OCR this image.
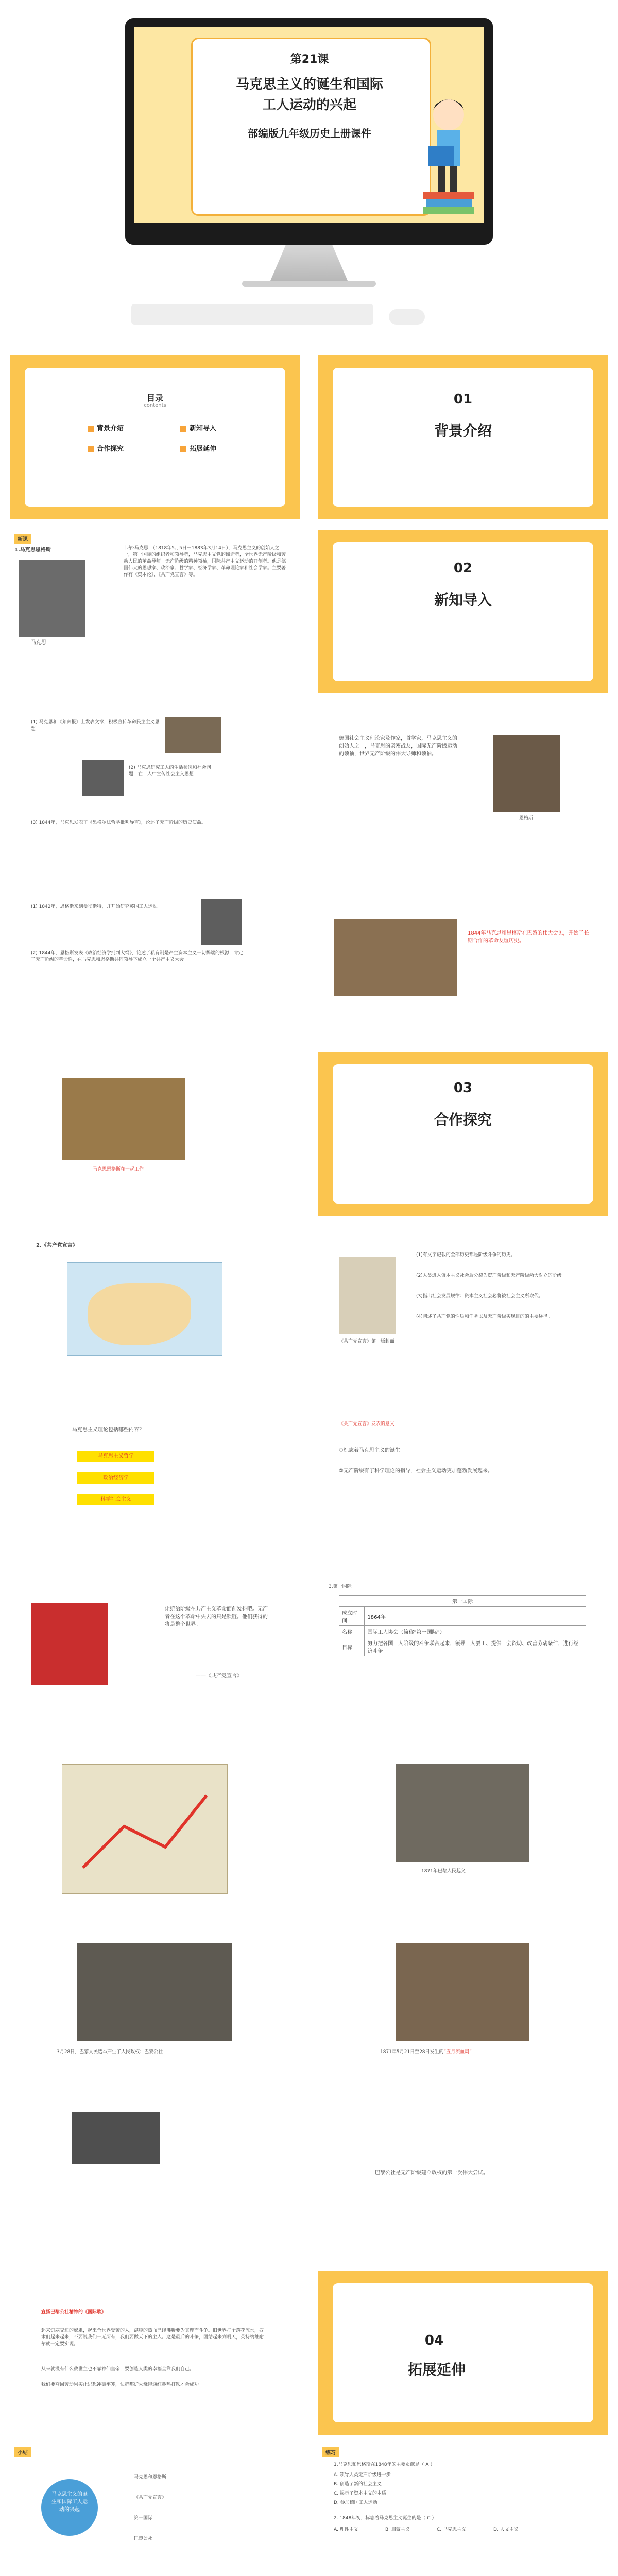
第21课
马克思主义的诞生和国际
工人运动的兴起
部编版九年级历史上册课件
目录
contents
背景介绍	新知导入
合作探究	拓展延伸
01
背景介绍
新课
1.马克思恩格斯
马克思
卡尔·马克思，（1818年5月5日－1883年3月14日），马克思主义的创始人之一，第一国际的组织者和领导者，马克思主义党的缔造者，全世界无产阶级和劳动人民的革命导师。无产阶级的精神领袖，国际共产主义运动的开创者。他是德国伟大的思想家、政治家、哲学家、经济学家、革命理论家和社会学家。主要著作有《资本论》、《共产党宣言》等。	02
新知导入
(1) 马克思和《莱茵报》上发表文章，积极宣传革命民主主义思想
(2) 马克思研究工人的生活状况和社会问题，在工人中宣传社会主义思想
(3) 1844年，马克思发表了《黑格尔法哲学批判导言》，论述了无产阶级的历史使命。
德国社会主义理论家及作家，哲学家，马克思主义的创始人之一，马克思的亲密战友，国际无产阶级运动的领袖，世界无产阶级的伟大导师和领袖。
恩格斯
(1) 1842年，恩格斯来到曼彻斯特，并开始研究英国工人运动。
(2) 1844年，恩格斯发表《政治经济学批判大纲》，论述了私有制是产生资本主义一切弊端的根源，肯定了无产阶级的革命性，在马克思和恩格斯共同领导下成立一个共产主义大会。
1844年马克思和恩格斯在巴黎的伟大会见，开始了长期合作的革命友谊历史。
马克思恩格斯在一起工作
03
合作探究
2.《共产党宣言》
《共产党宣言》第一版封面
(1)有文字记载的全部历史都是阶级斗争的历史。
(2)人类进入资本主义社会后分裂为资产阶级和无产阶级两大对立的阶级。
(3)指出社会发展规律：资本主义社会必将被社会主义所取代。
(4)阐述了共产党的性质和任务以及无产阶级实现目的的主要途径。
马克思主义理论包括哪些内容？
马克思主义哲学
政治经济学
科学社会主义
《共产党宣言》发表的意义
①标志着马克思主义的诞生
②无产阶级有了科学理论的指导，社会主义运动更加蓬勃发展起来。
让统治阶级在共产主义革命面前发抖吧。无产者在这个革命中失去的只是锁链。他们获得的将是整个世界。
——《共产党宣言》
3.第一国际
第一国际	
成立时间	1864年
名称	国际工人协会（简称“第一国际”）
目标	努力把各国工人阶级的斗争联合起来，领导工人罢工、提供工会资助、改善劳动条件，进行经济斗争
1871年巴黎人民起义
3月28日，巴黎人民选举产生了人民政权：巴黎公社	1871年5月21日至28日发生的“五月流血周”
巴黎公社是无产阶级建立政权的第一次伟大尝试。
宣扬巴黎公社精神的《国际歌》
起来饥寒交迫的奴隶，起来全世界受苦的人，满腔的热血已经沸腾要为真理而斗争。旧世界打个落花流水，奴隶们起来起来，不要说我们一无所有，我们要做天下的主人。这是最后的斗争，团结起来到明天，英特纳雄耐尔就一定要实现。
从来就没有什么救世主也不靠神仙皇帝，要创造人类的幸福全靠我们自己。
我们要夺回劳动果实让思想冲破牢笼，快把那炉火烧得通红趁热打铁才会成功。
04
拓展延伸
小结
马克思主义的诞生和国际工人运动的兴起
马克思和恩格斯
《共产党宣言》
第一国际
巴黎公社
练习
1.马克思和恩格斯在1848年的主要贡献是（ A ）
A. 领导人类无产阶级进一步
B. 创造了新的社会主义
C. 揭示了资本主义的本质
D. 参加德国工人运动
2. 1848年初，标志着马克思主义诞生的是（ C ）
A. 理性主义	B. 启蒙主义	C. 马克思主义	D. 人文主义
